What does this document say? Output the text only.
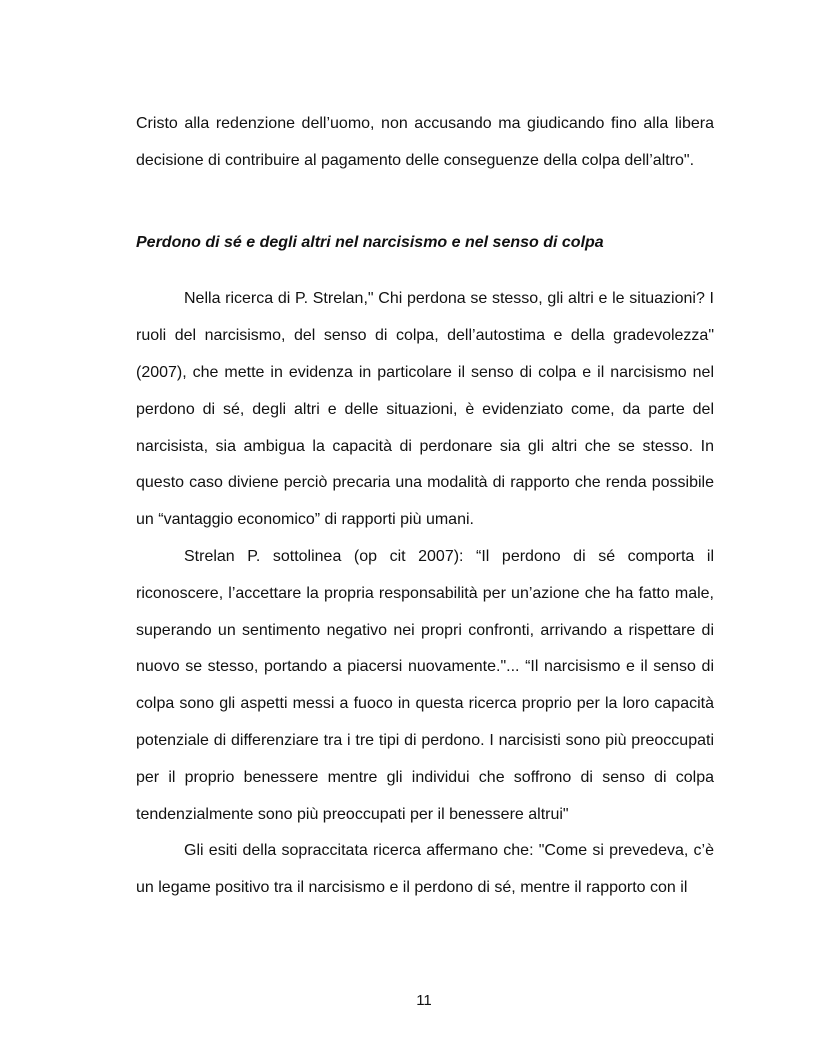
Cristo alla redenzione dell’uomo, non accusando ma giudicando fino alla libera decisione di contribuire al pagamento delle conseguenze della colpa dell’altro".

Perdono di sé e degli altri nel narcisismo e nel senso di colpa

Nella ricerca di P. Strelan," Chi perdona se stesso, gli altri e le situazioni? I ruoli del narcisismo, del senso di colpa, dell’autostima e della gradevolezza" (2007), che mette in evidenza in particolare il senso di colpa e il narcisismo nel perdono di sé, degli altri e delle situazioni, è evidenziato come, da parte del narcisista, sia ambigua la capacità di perdonare sia gli altri che se stesso. In questo caso diviene perciò precaria una modalità di rapporto che renda possibile un “vantaggio economico” di rapporti più umani.

Strelan P. sottolinea (op cit 2007): “Il perdono di sé comporta il riconoscere, l’accettare la propria responsabilità per un’azione che ha fatto male, superando un sentimento negativo nei propri confronti, arrivando a rispettare di nuovo se stesso, portando a piacersi nuovamente."... “Il narcisismo e il senso di colpa sono gli aspetti messi a fuoco in questa ricerca proprio per la loro capacità potenziale di differenziare tra i tre tipi di perdono. I narcisisti sono più preoccupati per il proprio benessere mentre gli individui che soffrono di senso di colpa tendenzialmente sono più preoccupati per il benessere altrui"

Gli esiti della sopraccitata ricerca affermano che: "Come si prevedeva, c’è un legame positivo tra il narcisismo e il perdono di sé, mentre il rapporto con il

11
